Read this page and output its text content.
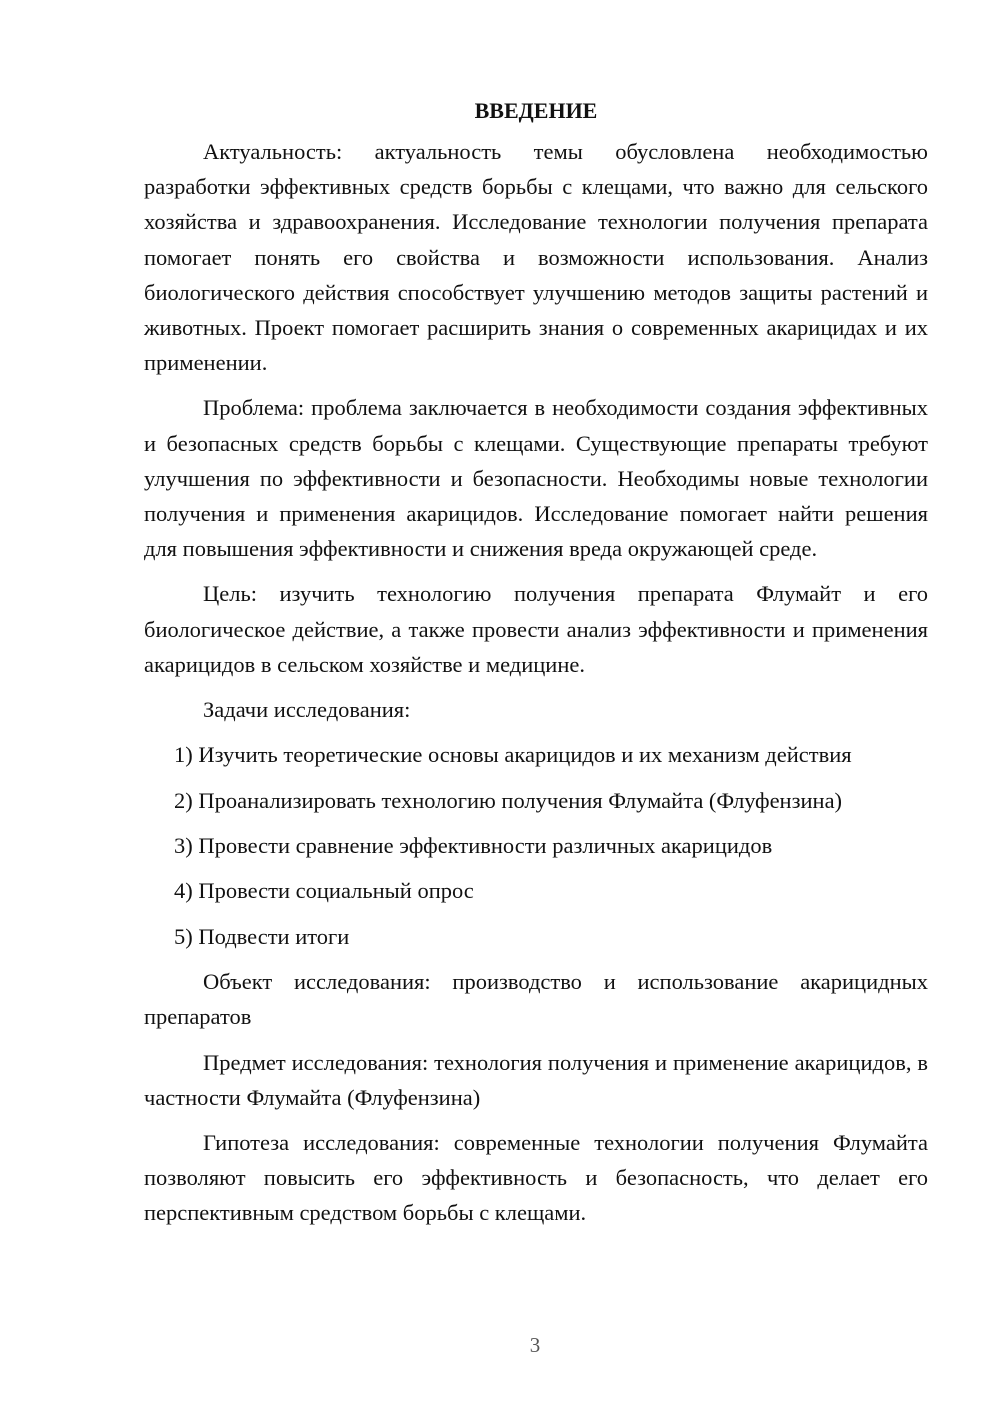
ВВЕДЕНИЕ

Актуальность: актуальность темы обусловлена необходимостью разработки эффективных средств борьбы с клещами, что важно для сельского хозяйства и здравоохранения. Исследование технологии получения препарата помогает понять его свойства и возможности использования. Анализ биологического действия способствует улучшению методов защиты растений и животных. Проект помогает расширить знания о современных акарицидах и их применении.

Проблема: проблема заключается в необходимости создания эффективных и безопасных средств борьбы с клещами. Существующие препараты требуют улучшения по эффективности и безопасности. Необходимы новые технологии получения и применения акарицидов. Исследование помогает найти решения для повышения эффективности и снижения вреда окружающей среде.

Цель: изучить технологию получения препарата Флумайт и его биологическое действие, а также провести анализ эффективности и применения акарицидов в сельском хозяйстве и медицине.

Задачи исследования:

1) Изучить теоретические основы акарицидов и их механизм действия
2) Проанализировать технологию получения Флумайта (Флуфензина)
3) Провести сравнение эффективности различных акарицидов
4) Провести социальный опрос
5) Подвести итоги

Объект исследования: производство и использование акарицидных препаратов

Предмет исследования: технология получения и применение акарицидов, в частности Флумайта (Флуфензина)

Гипотеза исследования: современные технологии получения Флумайта позволяют повысить его эффективность и безопасность, что делает его перспективным средством борьбы с клещами.

3
